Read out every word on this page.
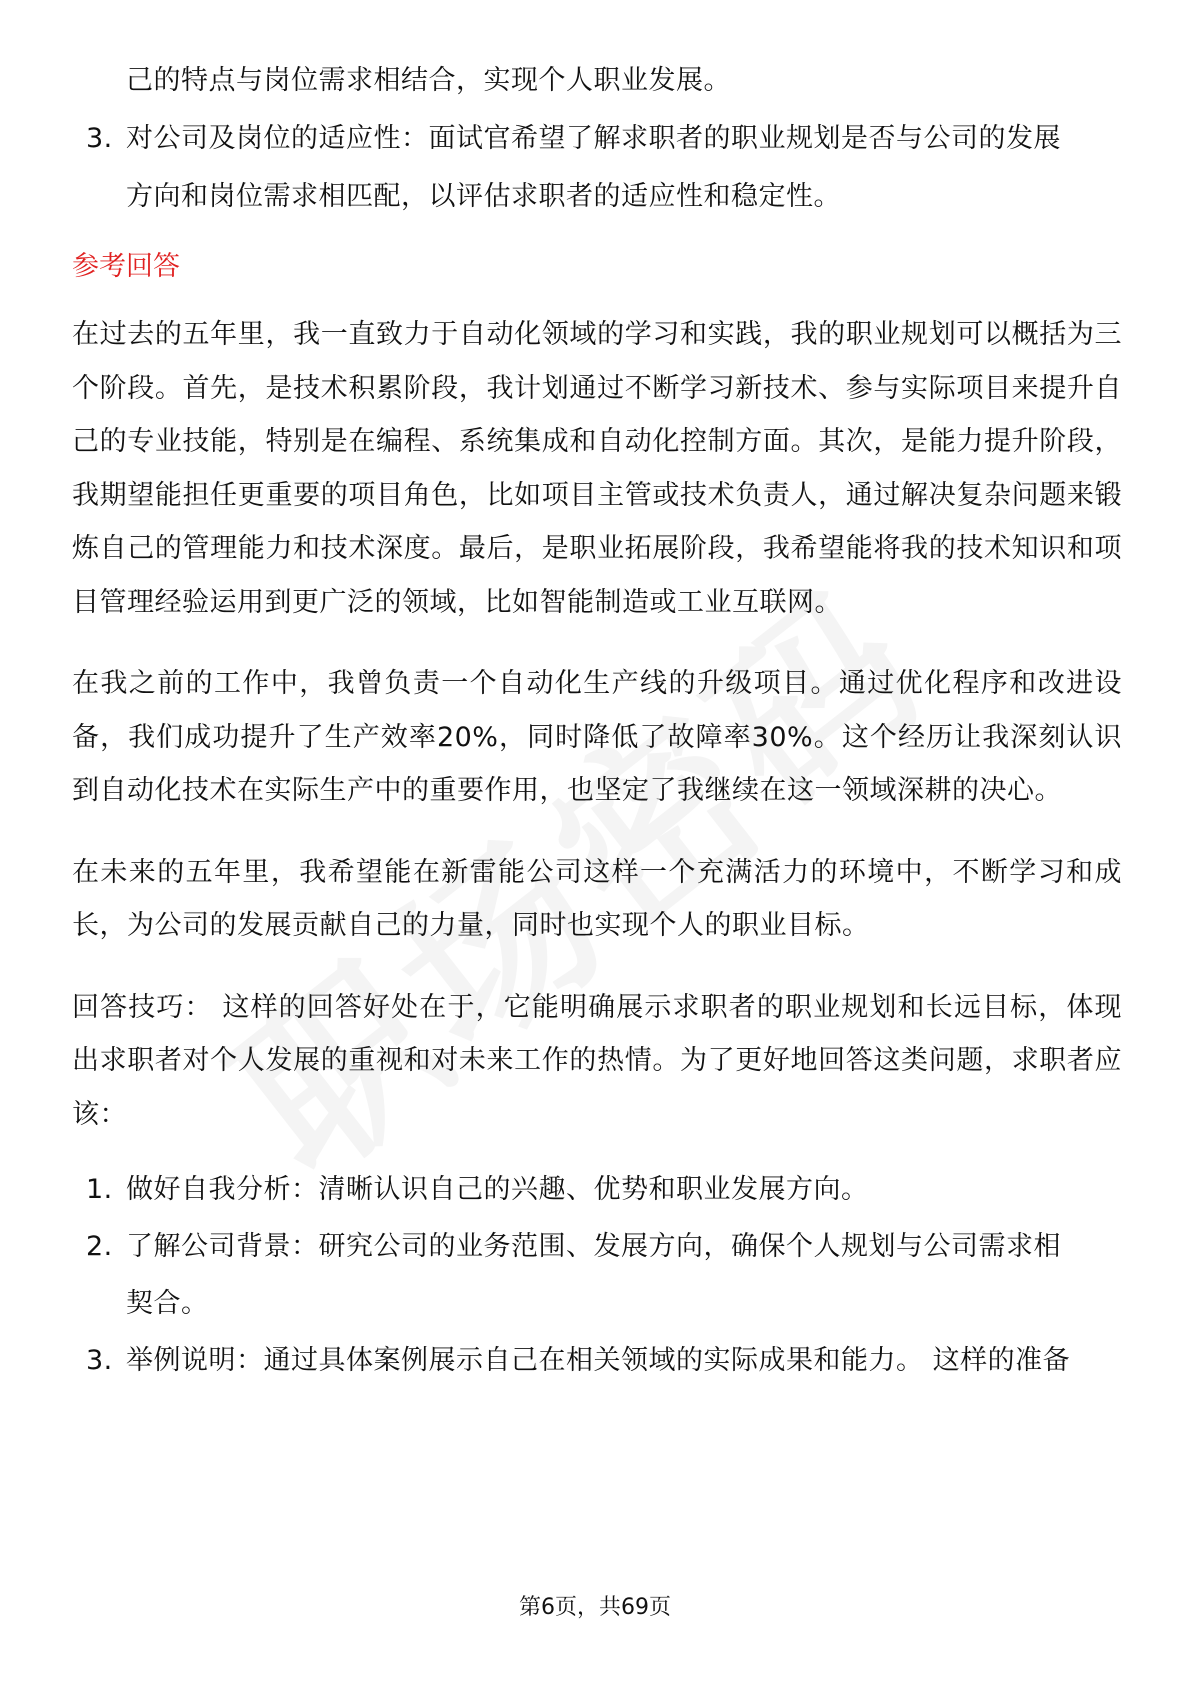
己的特点与岗位需求相结合，实现个人职业发展。
3. 对公司及岗位的适应性：面试官希望了解求职者的职业规划是否与公司的发展
方向和岗位需求相匹配，以评估求职者的适应性和稳定性。
参考回答

在过去的五年里，我一直致力于自动化领域的学习和实践，我的职业规划可以概括为三个阶段。首先，是技术积累阶段，我计划通过不断学习新技术、参与实际项目来提升自己的专业技能，特别是在编程、系统集成和自动化控制方面。其次，是能力提升阶段，我期望能担任更重要的项目角色，比如项目主管或技术负责人，通过解决复杂问题来锻炼自己的管理能力和技术深度。最后，是职业拓展阶段，我希望能将我的技术知识和项目管理经验运用到更广泛的领域，比如智能制造或工业互联网。

在我之前的工作中，我曾负责一个自动化生产线的升级项目。通过优化程序和改进设备，我们成功提升了生产效率20%，同时降低了故障率30%。这个经历让我深刻认识到自动化技术在实际生产中的重要作用，也坚定了我继续在这一领域深耕的决心。

在未来的五年里，我希望能在新雷能公司这样一个充满活力的环境中，不断学习和成长，为公司的发展贡献自己的力量，同时也实现个人的职业目标。

回答技巧： 这样的回答好处在于，它能明确展示求职者的职业规划和长远目标，体现出求职者对个人发展的重视和对未来工作的热情。为了更好地回答这类问题，求职者应该：

1. 做好自我分析：清晰认识自己的兴趣、优势和职业发展方向。
2. 了解公司背景：研究公司的业务范围、发展方向，确保个人规划与公司需求相
契合。
3. 举例说明：通过具体案例展示自己在相关领域的实际成果和能力。 这样的准备
第6页，共69页
